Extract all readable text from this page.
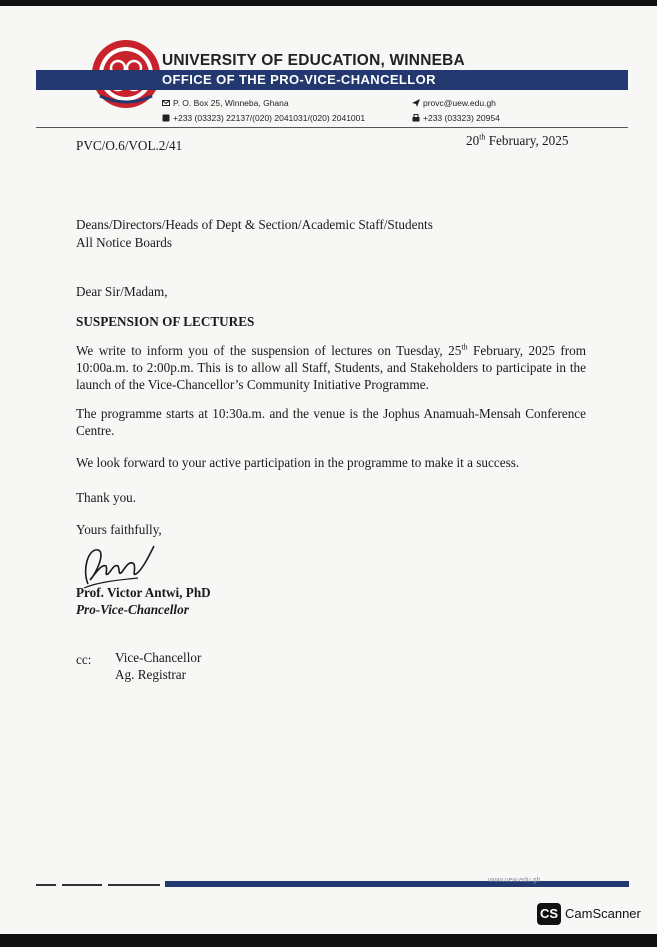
UNIVERSITY OF EDUCATION, WINNEBA
OFFICE OF THE PRO-VICE-CHANCELLOR
P. O. Box 25, Winneba, Ghana
+233 (03323) 22137/(020) 2041031/(020) 2041001
provc@uew.edu.gh
+233 (03323) 20954
PVC/O.6/VOL.2/41	20th February, 2025
Deans/Directors/Heads of Dept & Section/Academic Staff/Students
All Notice Boards
Dear Sir/Madam,
SUSPENSION OF LECTURES
We write to inform you of the suspension of lectures on Tuesday, 25th February, 2025 from 10:00a.m. to 2:00p.m. This is to allow all Staff, Students, and Stakeholders to participate in the launch of the Vice-Chancellor’s Community Initiative Programme.
The programme starts at 10:30a.m. and the venue is the Jophus Anamuah-Mensah Conference Centre.
We look forward to your active participation in the programme to make it a success.
Thank you.
Yours faithfully,
Prof. Victor Antwi, PhD
Pro-Vice-Chancellor
cc: Vice-Chancellor
Ag. Registrar
www.uew.edu.gh
CS CamScanner
